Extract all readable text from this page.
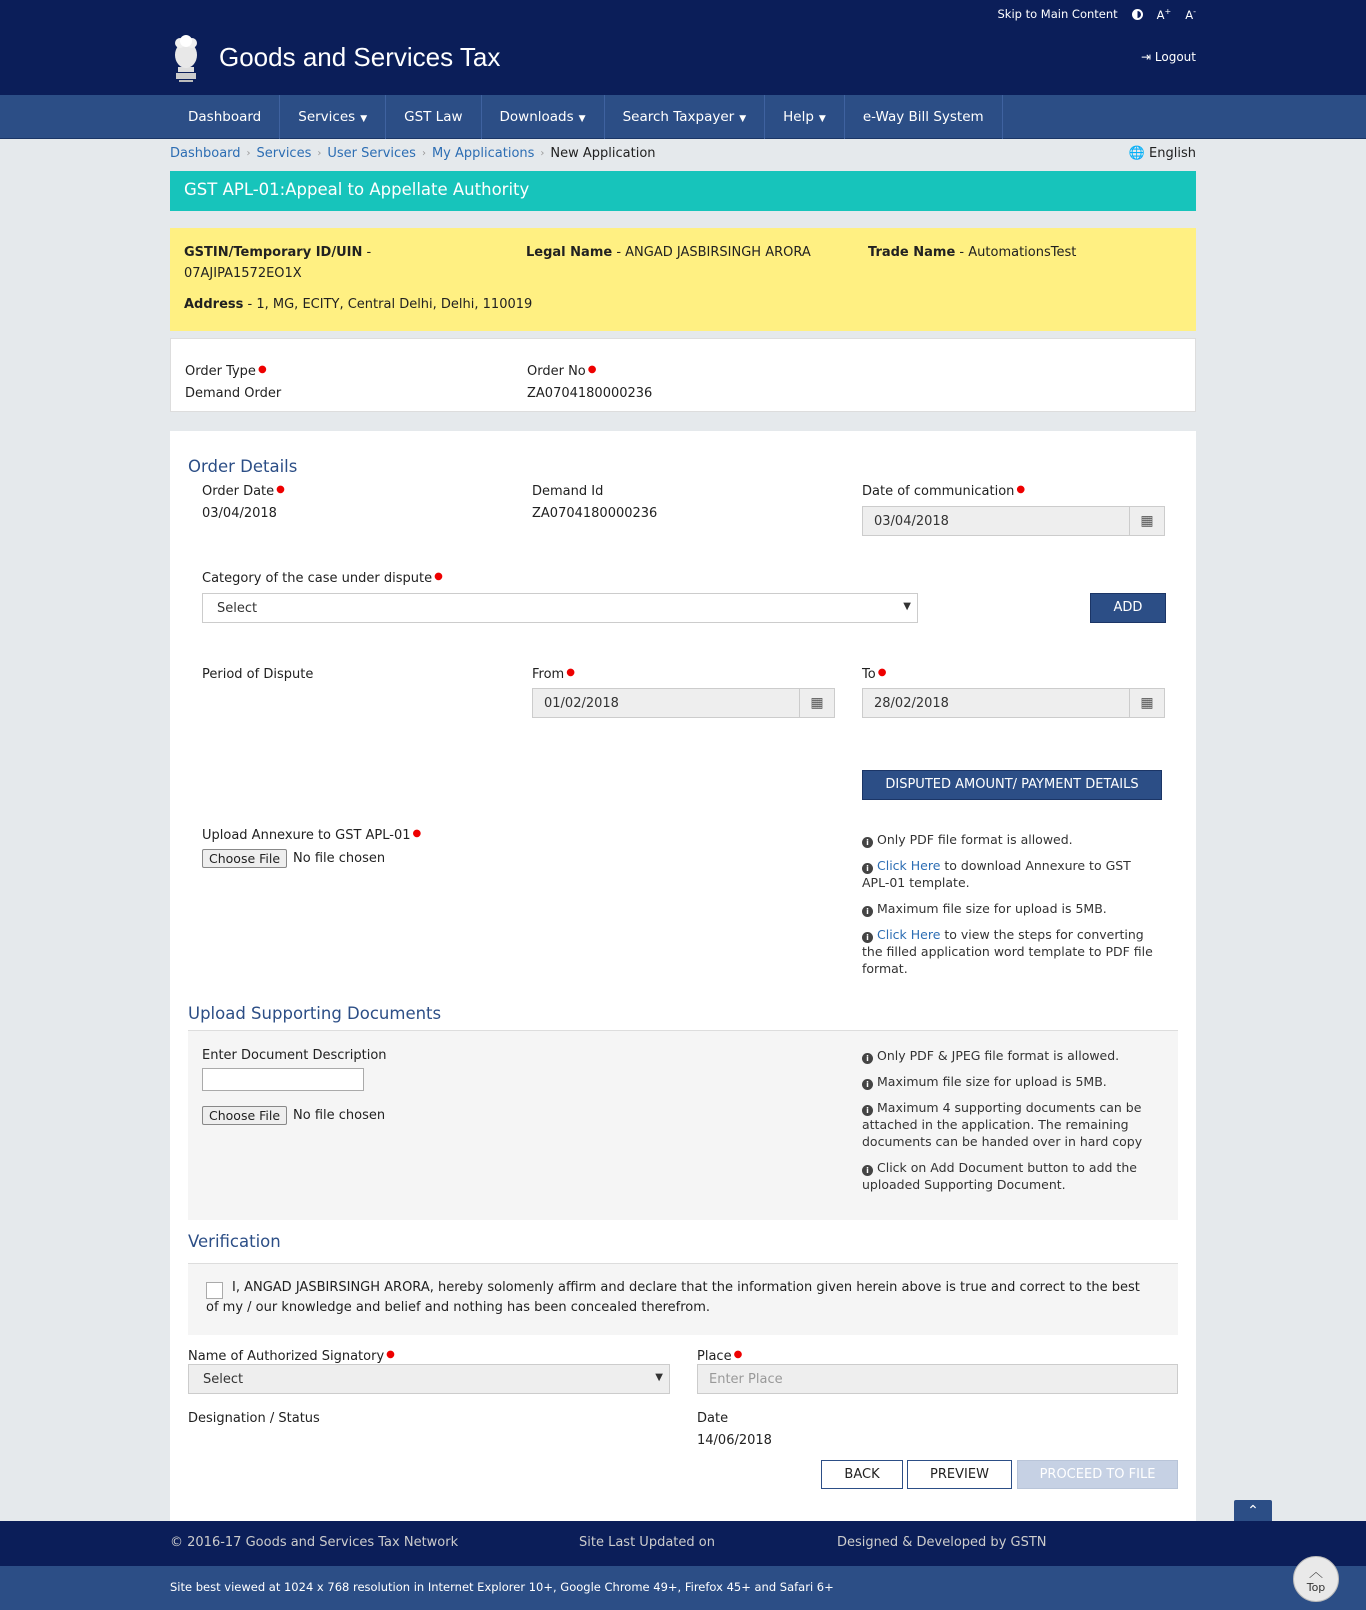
Skip to Main Content	A+ A-
Goods and Services Tax	⇥ Logout
Dashboard	Services ▼	GST Law	Downloads ▼	Search Taxpayer ▼	Help ▼	e-Way Bill System
Dashboard › Services › User Services › My Applications › New Application	🌐 English
GST APL-01:Appeal to Appellate Authority
GSTIN/Temporary ID/UIN -
07AJIPA1572EO1X
Legal Name - ANGAD JASBIRSINGH ARORA	Trade Name - AutomationsTest
Address - 1, MG, ECITY, Central Delhi, Delhi, 110019
Order Type ●
Demand Order
Order No ●
ZA0704180000236
Order Details
Order Date ●
03/04/2018
Demand Id
ZA0704180000236
Date of communication ●
03/04/2018	▦
Category of the case under dispute ●
Select	▼	ADD
Period of Dispute	From ●
01/02/2018	▦
To ●
28/02/2018	▦
DISPUTED AMOUNT/ PAYMENT DETAILS
Upload Annexure to GST APL-01 ●
Choose File	No file chosen

i Only PDF file format is allowed.

i Click Here to download Annexure to GST APL-01 template.

i Maximum file size for upload is 5MB.

i Click Here to view the steps for converting the filled application word template to PDF file format.

Upload Supporting Documents
Enter Document Description
Choose File	No file chosen

i Only PDF & JPEG file format is allowed.

i Maximum file size for upload is 5MB.

i Maximum 4 supporting documents can be attached in the application. The remaining documents can be handed over in hard copy

i Click on Add Document button to add the uploaded Supporting Document.

Verification
I, ANGAD JASBIRSINGH ARORA, hereby solomenly affirm and declare that the information given herein above is true and correct to the best of my / our knowledge and belief and nothing has been concealed therefrom.
Name of Authorized Signatory ●
Select	▼
Place ●
Enter Place
Designation / Status	Date
14/06/2018
BACK	PREVIEW	PROCEED TO FILE
⌃
© 2016-17 Goods and Services Tax Network	Site Last Updated on	Designed & Developed by GSTN
Site best viewed at 1024 x 768 resolution in Internet Explorer 10+, Google Chrome 49+, Firefox 45+ and Safari 6+
︿
Top
